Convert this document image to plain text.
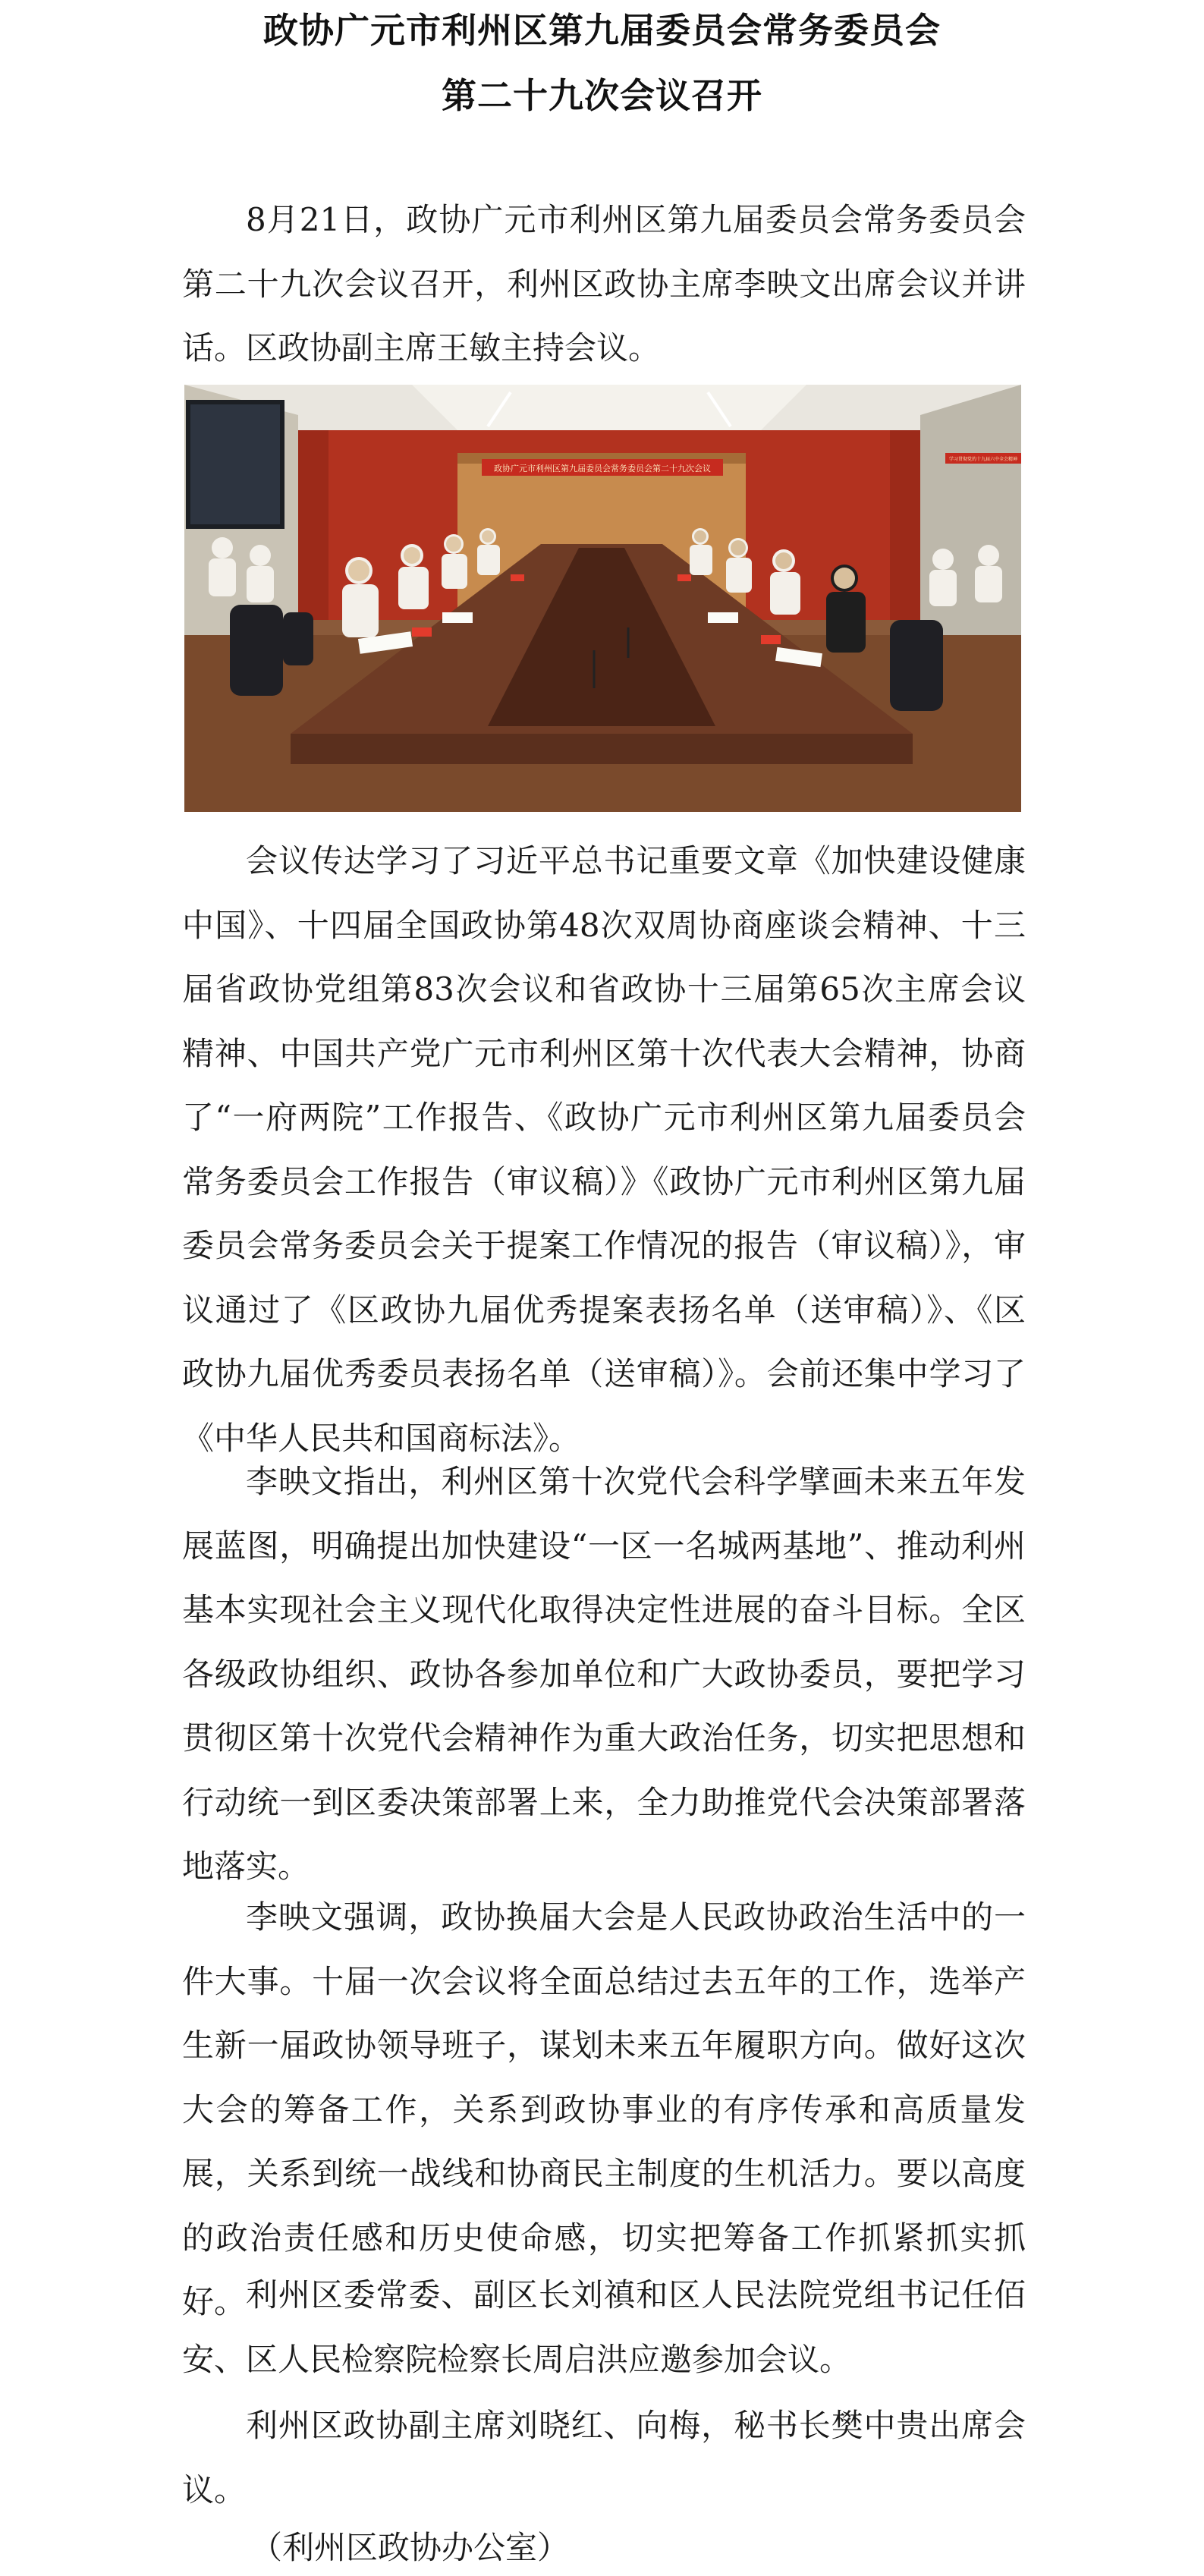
政协广元市利州区第九届委员会常务委员会
第二十九次会议召开

8月21日，政协广元市利州区第九届委员会常务委员会第二十九次会议召开，利州区政协主席李映文出席会议并讲话。区政协副主席王敏主持会议。

政协广元市利州区第九届委员会常务委员会第二十九次会议
学习贯彻党的十九届六中全会精神

会议传达学习了习近平总书记重要文章《加快建设健康中国》、十四届全国政协第48次双周协商座谈会精神、十三届省政协党组第83次会议和省政协十三届第65次主席会议精神、中国共产党广元市利州区第十次代表大会精神，协商了“一府两院”工作报告、《政协广元市利州区第九届委员会常务委员会工作报告（审议稿）》《政协广元市利州区第九届委员会常务委员会关于提案工作情况的报告（审议稿）》，审议通过了《区政协九届优秀提案表扬名单（送审稿）》、《区政协九届优秀委员表扬名单（送审稿）》。会前还集中学习了《中华人民共和国商标法》。

李映文指出，利州区第十次党代会科学擘画未来五年发展蓝图，明确提出加快建设“一区一名城两基地”、推动利州基本实现社会主义现代化取得决定性进展的奋斗目标。全区各级政协组织、政协各参加单位和广大政协委员，要把学习贯彻区第十次党代会精神作为重大政治任务，切实把思想和行动统一到区委决策部署上来，全力助推党代会决策部署落地落实。

李映文强调，政协换届大会是人民政协政治生活中的一件大事。十届一次会议将全面总结过去五年的工作，选举产生新一届政协领导班子，谋划未来五年履职方向。做好这次大会的筹备工作，关系到政协事业的有序传承和高质量发展，关系到统一战线和协商民主制度的生机活力。要以高度的政治责任感和历史使命感，切实把筹备工作抓紧抓实抓好。 利州区委常委、副区长刘禛和区人民法院党组书记任佰安、区人民检察院检察长周启洪应邀参加会议。

利州区政协副主席刘晓红、向梅，秘书长樊中贵出席会议。

（利州区政协办公室）
